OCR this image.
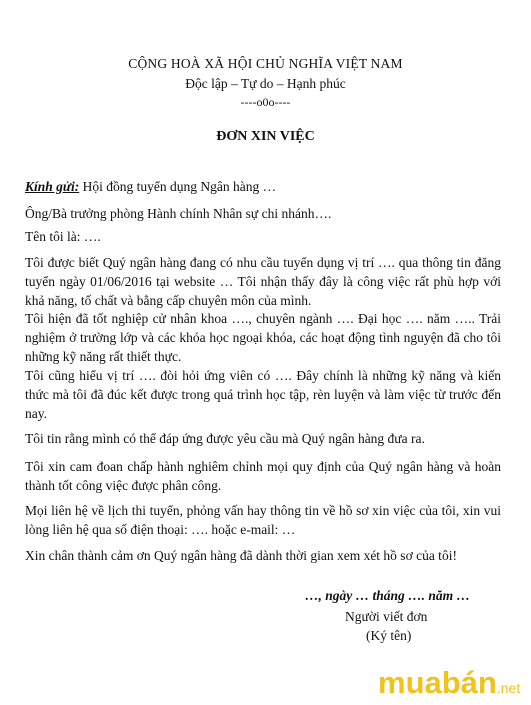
CỘNG HOÀ XÃ HỘI CHỦ NGHĨA VIỆT NAM
Độc lập – Tự do – Hạnh phúc
----o0o----
ĐƠN XIN VIỆC
Kính gửi: Hội đồng tuyển dụng Ngân hàng …
Ông/Bà trưởng phòng Hành chính Nhân sự chi nhánh….
Tên tôi là: ….
Tôi được biết Quý ngân hàng đang có nhu cầu tuyển dụng vị trí …. qua thông tin đăng tuyển ngày 01/06/2016 tại website … Tôi nhận thấy đây là công việc rất phù hợp với khả năng, tố chất và bằng cấp chuyên môn của mình.
Tôi hiện đã tốt nghiệp cử nhân khoa …., chuyên ngành …. Đại học …. năm ….. Trải nghiệm ở trường lớp và các khóa học ngoại khóa, các hoạt động tình nguyện đã cho tôi những kỹ năng rất thiết thực.
Tôi cũng hiểu vị trí …. đòi hỏi ứng viên có …. Đây chính là những kỹ năng và kiến thức mà tôi đã đúc kết được trong quá trình học tập, rèn luyện và làm việc từ trước đến nay.
Tôi tin rằng mình có thể đáp ứng được yêu cầu mà Quý ngân hàng đưa ra.
Tôi xin cam đoan chấp hành nghiêm chỉnh mọi quy định của Quý ngân hàng và hoàn thành tốt công việc được phân công.
Mọi liên hệ về lịch thi tuyển, phỏng vấn hay thông tin về hồ sơ xin việc của tôi, xin vui lòng liên hệ qua số điện thoại: …. hoặc e-mail: …
Xin chân thành cảm ơn Quý ngân hàng đã dành thời gian xem xét hồ sơ của tôi!
…, ngày … tháng …. năm …
Người viết đơn
(Ký tên)
muabán.net
